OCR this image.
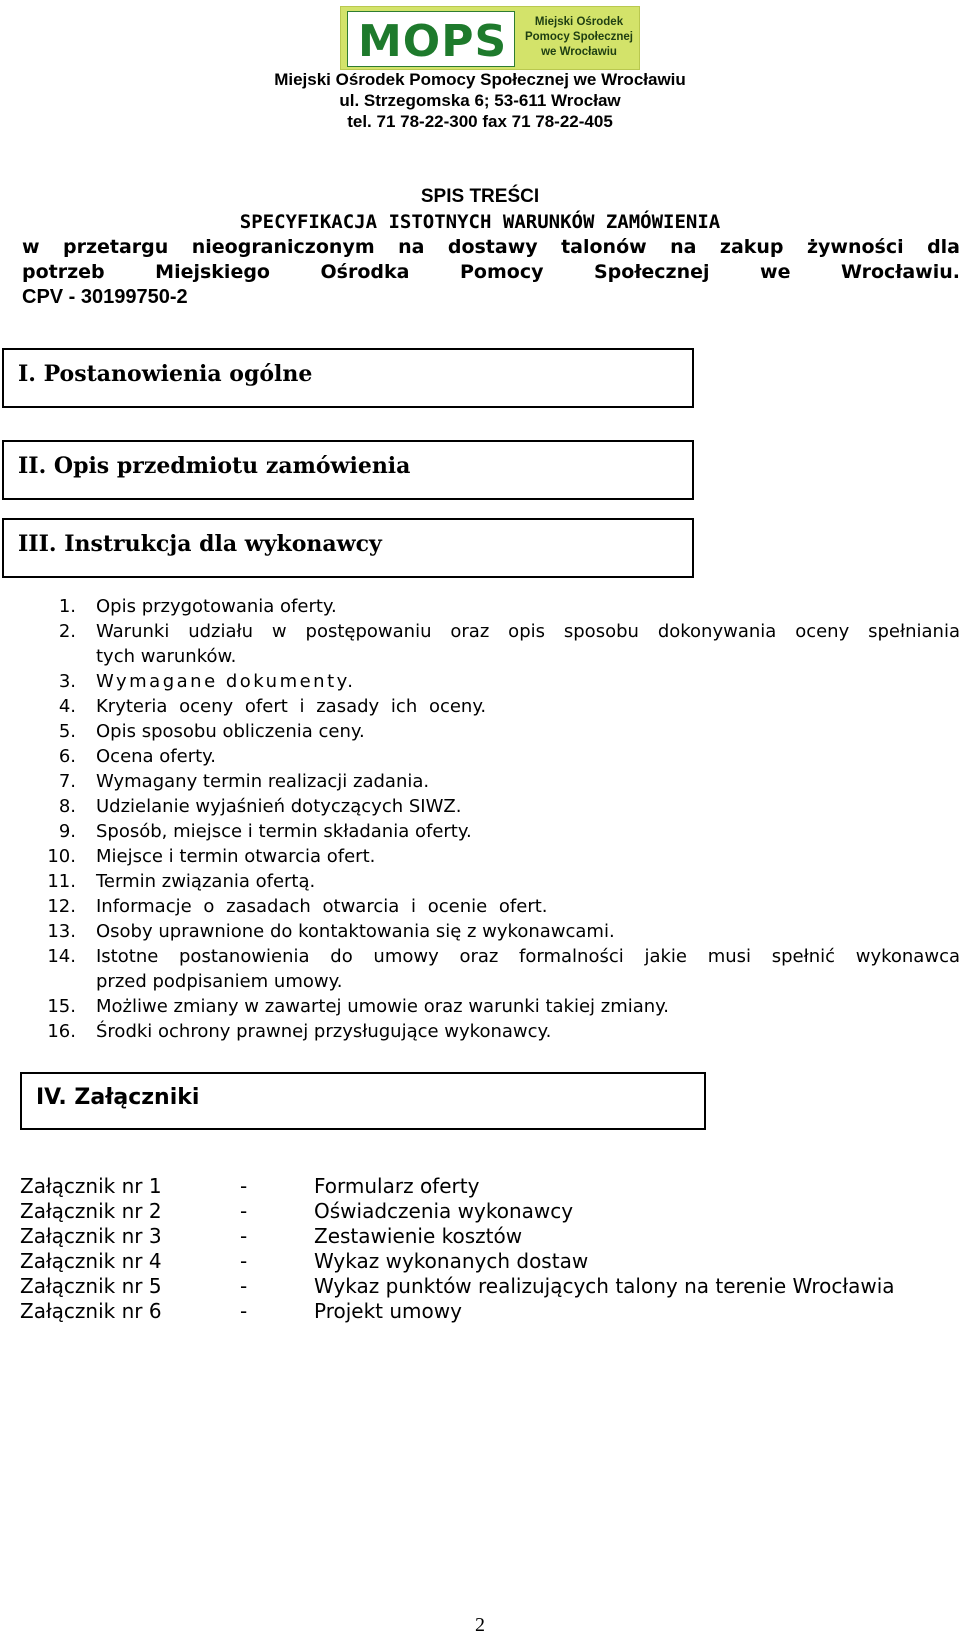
MOPS	Miejski Ośrodek
Pomocy Społecznej
we Wrocławiu
Miejski Ośrodek Pomocy Społecznej we Wrocławiu
ul. Strzegomska 6; 53-611 Wrocław
tel. 71 78-22-300 fax 71 78-22-405
SPIS TREŚCI
SPECYFIKACJA ISTOTNYCH WARUNKÓW ZAMÓWIENIA
w przetargu nieograniczonym na dostawy talonów na zakup żywności dla
potrzeb	Miejskiego	Ośrodka	Pomocy	Społecznej	we	Wrocławiu.
CPV - 30199750-2
I. Postanowienia ogólne
II. Opis przedmiotu zamówienia
III. Instrukcja dla wykonawcy
1.	Opis przygotowania oferty.
2.	Warunki udziału w postępowaniu oraz opis sposobu dokonywania oceny spełniania
tych warunków.
3.	Wymagane dokumenty.
4.	Kryteria oceny ofert i zasady ich oceny.
5.	Opis sposobu obliczenia ceny.
6.	Ocena oferty.
7.	Wymagany termin realizacji zadania.
8.	Udzielanie wyjaśnień dotyczących SIWZ.
9.	Sposób, miejsce i termin składania oferty.
10.	Miejsce i termin otwarcia ofert.
11.	Termin związania ofertą.
12.	Informacje o zasadach otwarcia i ocenie ofert.
13.	Osoby uprawnione do kontaktowania się z wykonawcami.
14.	Istotne postanowienia do umowy oraz formalności jakie musi spełnić wykonawca
przed podpisaniem umowy.
15.	Możliwe zmiany w zawartej umowie oraz warunki takiej zmiany.
16.	Środki ochrony prawnej przysługujące wykonawcy.
IV. Załączniki
Załącznik nr 1	-	Formularz oferty
Załącznik nr 2	-	Oświadczenia wykonawcy
Załącznik nr 3	-	Zestawienie kosztów
Załącznik nr 4	-	Wykaz wykonanych dostaw
Załącznik nr 5	-	Wykaz punktów realizujących talony na terenie Wrocławia
Załącznik nr 6	-	Projekt umowy
2
